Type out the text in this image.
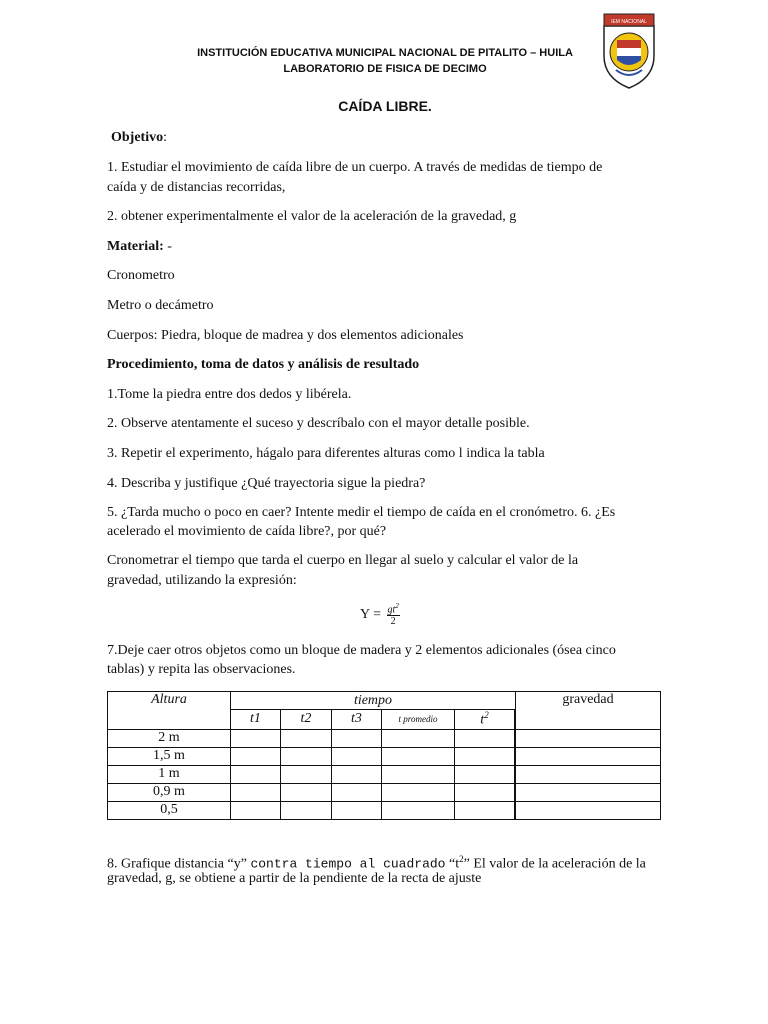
INSTITUCIÓN EDUCATIVA MUNICIPAL NACIONAL DE PITALITO – HUILA
LABORATORIO DE FISICA DE DECIMO
IEM NACIONAL
CAÍDA LIBRE.
Objetivo:
1. Estudiar el movimiento de caída libre de un cuerpo. A través de medidas de tiempo de
caída y de distancias recorridas,
2. obtener experimentalmente el valor de la aceleración de la gravedad, g
Material: -
Cronometro
Metro o decámetro
Cuerpos: Piedra, bloque de madrea y dos elementos adicionales
Procedimiento, toma de datos y análisis de resultado
1.Tome la piedra entre dos dedos y libérela.
2. Observe atentamente el suceso y descríbalo con el mayor detalle posible.
3. Repetir el experimento, hágalo para diferentes alturas como l indica la tabla
4. Describa y justifique ¿Qué trayectoria sigue la piedra?
5. ¿Tarda mucho o poco en caer? Intente medir el tiempo de caída en el cronómetro. 6. ¿Es
acelerado el movimiento de caída libre?, por qué?
Cronometrar el tiempo que tarda el cuerpo en llegar al suelo y calcular el valor de la
gravedad, utilizando la expresión:
$Y = \frac{gt^2}{2}$
7.Deje caer otros objetos como un bloque de madera y 2 elementos adicionales (ósea cinco
tablas) y repita las observaciones.
Altura	tiempo					gravedad
	t1	t2	t3	t promedio	$t^2$
2 m							
1,5 m							
1 m							
0,9 m							
0,5							
8. Grafique distancia “y” contra tiempo al cuadrado “$t^2$” El valor de la aceleración de la
gravedad, g, se obtiene a partir de la pendiente de la recta de ajuste
